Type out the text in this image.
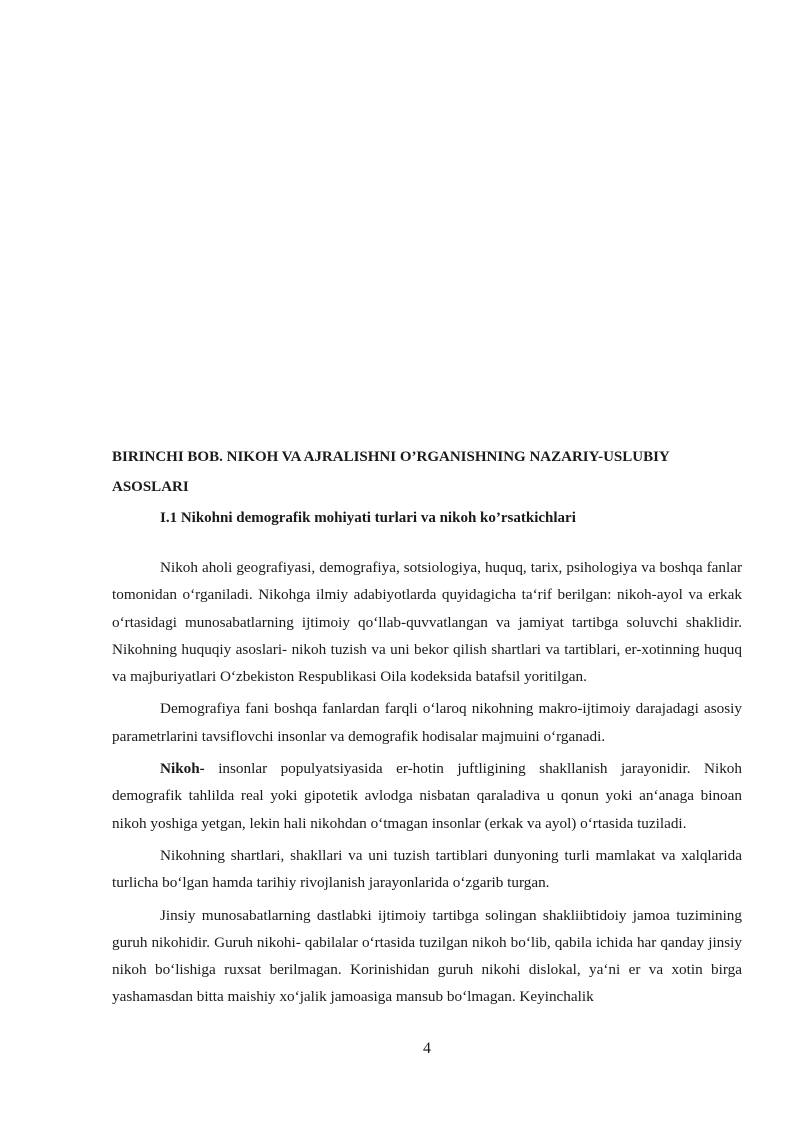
BIRINCHI BOB. NIKOH VA AJRALISHNI O’RGANISHNING NAZARIY-USLUBIY ASOSLARI
I.1 Nikohni demografik mohiyati turlari va nikoh ko’rsatkichlari

Nikoh aholi geografiyasi, demografiya, sotsiologiya, huquq, tarix, psihologiya va boshqa fanlar tomonidan o‘rganiladi. Nikohga ilmiy adabiyotlarda quyidagicha ta‘rif berilgan: nikoh-ayol va erkak o‘rtasidagi munosabatlarning ijtimoiy qo‘llab-quvvatlangan va jamiyat tartibga soluvchi shaklidir. Nikohning huquqiy asoslari- nikoh tuzish va uni bekor qilish shartlari va tartiblari, er-xotinning huquq va majburiyatlari O‘zbekiston Respublikasi Oila kodeksida batafsil yoritilgan.

Demografiya fani boshqa fanlardan farqli o‘laroq nikohning makro-ijtimoiy darajadagi asosiy parametrlarini tavsiflovchi insonlar va demografik hodisalar majmuini o‘rganadi.

Nikoh- insonlar populyatsiyasida er-hotin juftligining shakllanish jarayonidir. Nikoh demografik tahlilda real yoki gipotetik avlodga nisbatan qaraladiva u qonun yoki an‘anaga binoan nikoh yoshiga yetgan, lekin hali nikohdan o‘tmagan insonlar (erkak va ayol) o‘rtasida tuziladi.

Nikohning shartlari, shakllari va uni tuzish tartiblari dunyoning turli mamlakat va xalqlarida turlicha bo‘lgan hamda tarihiy rivojlanish jarayonlarida o‘zgarib turgan.

Jinsiy munosabatlarning dastlabki ijtimoiy tartibga solingan shakliibtidoiy jamoa tuzimining guruh nikohidir. Guruh nikohi- qabilalar o‘rtasida tuzilgan nikoh bo‘lib, qabila ichida har qanday jinsiy nikoh bo‘lishiga ruxsat berilmagan. Korinishidan guruh nikohi dislokal, ya‘ni er va xotin birga yashamasdan bitta maishiy xo‘jalik jamoasiga mansub bo‘lmagan. Keyinchalik

4
